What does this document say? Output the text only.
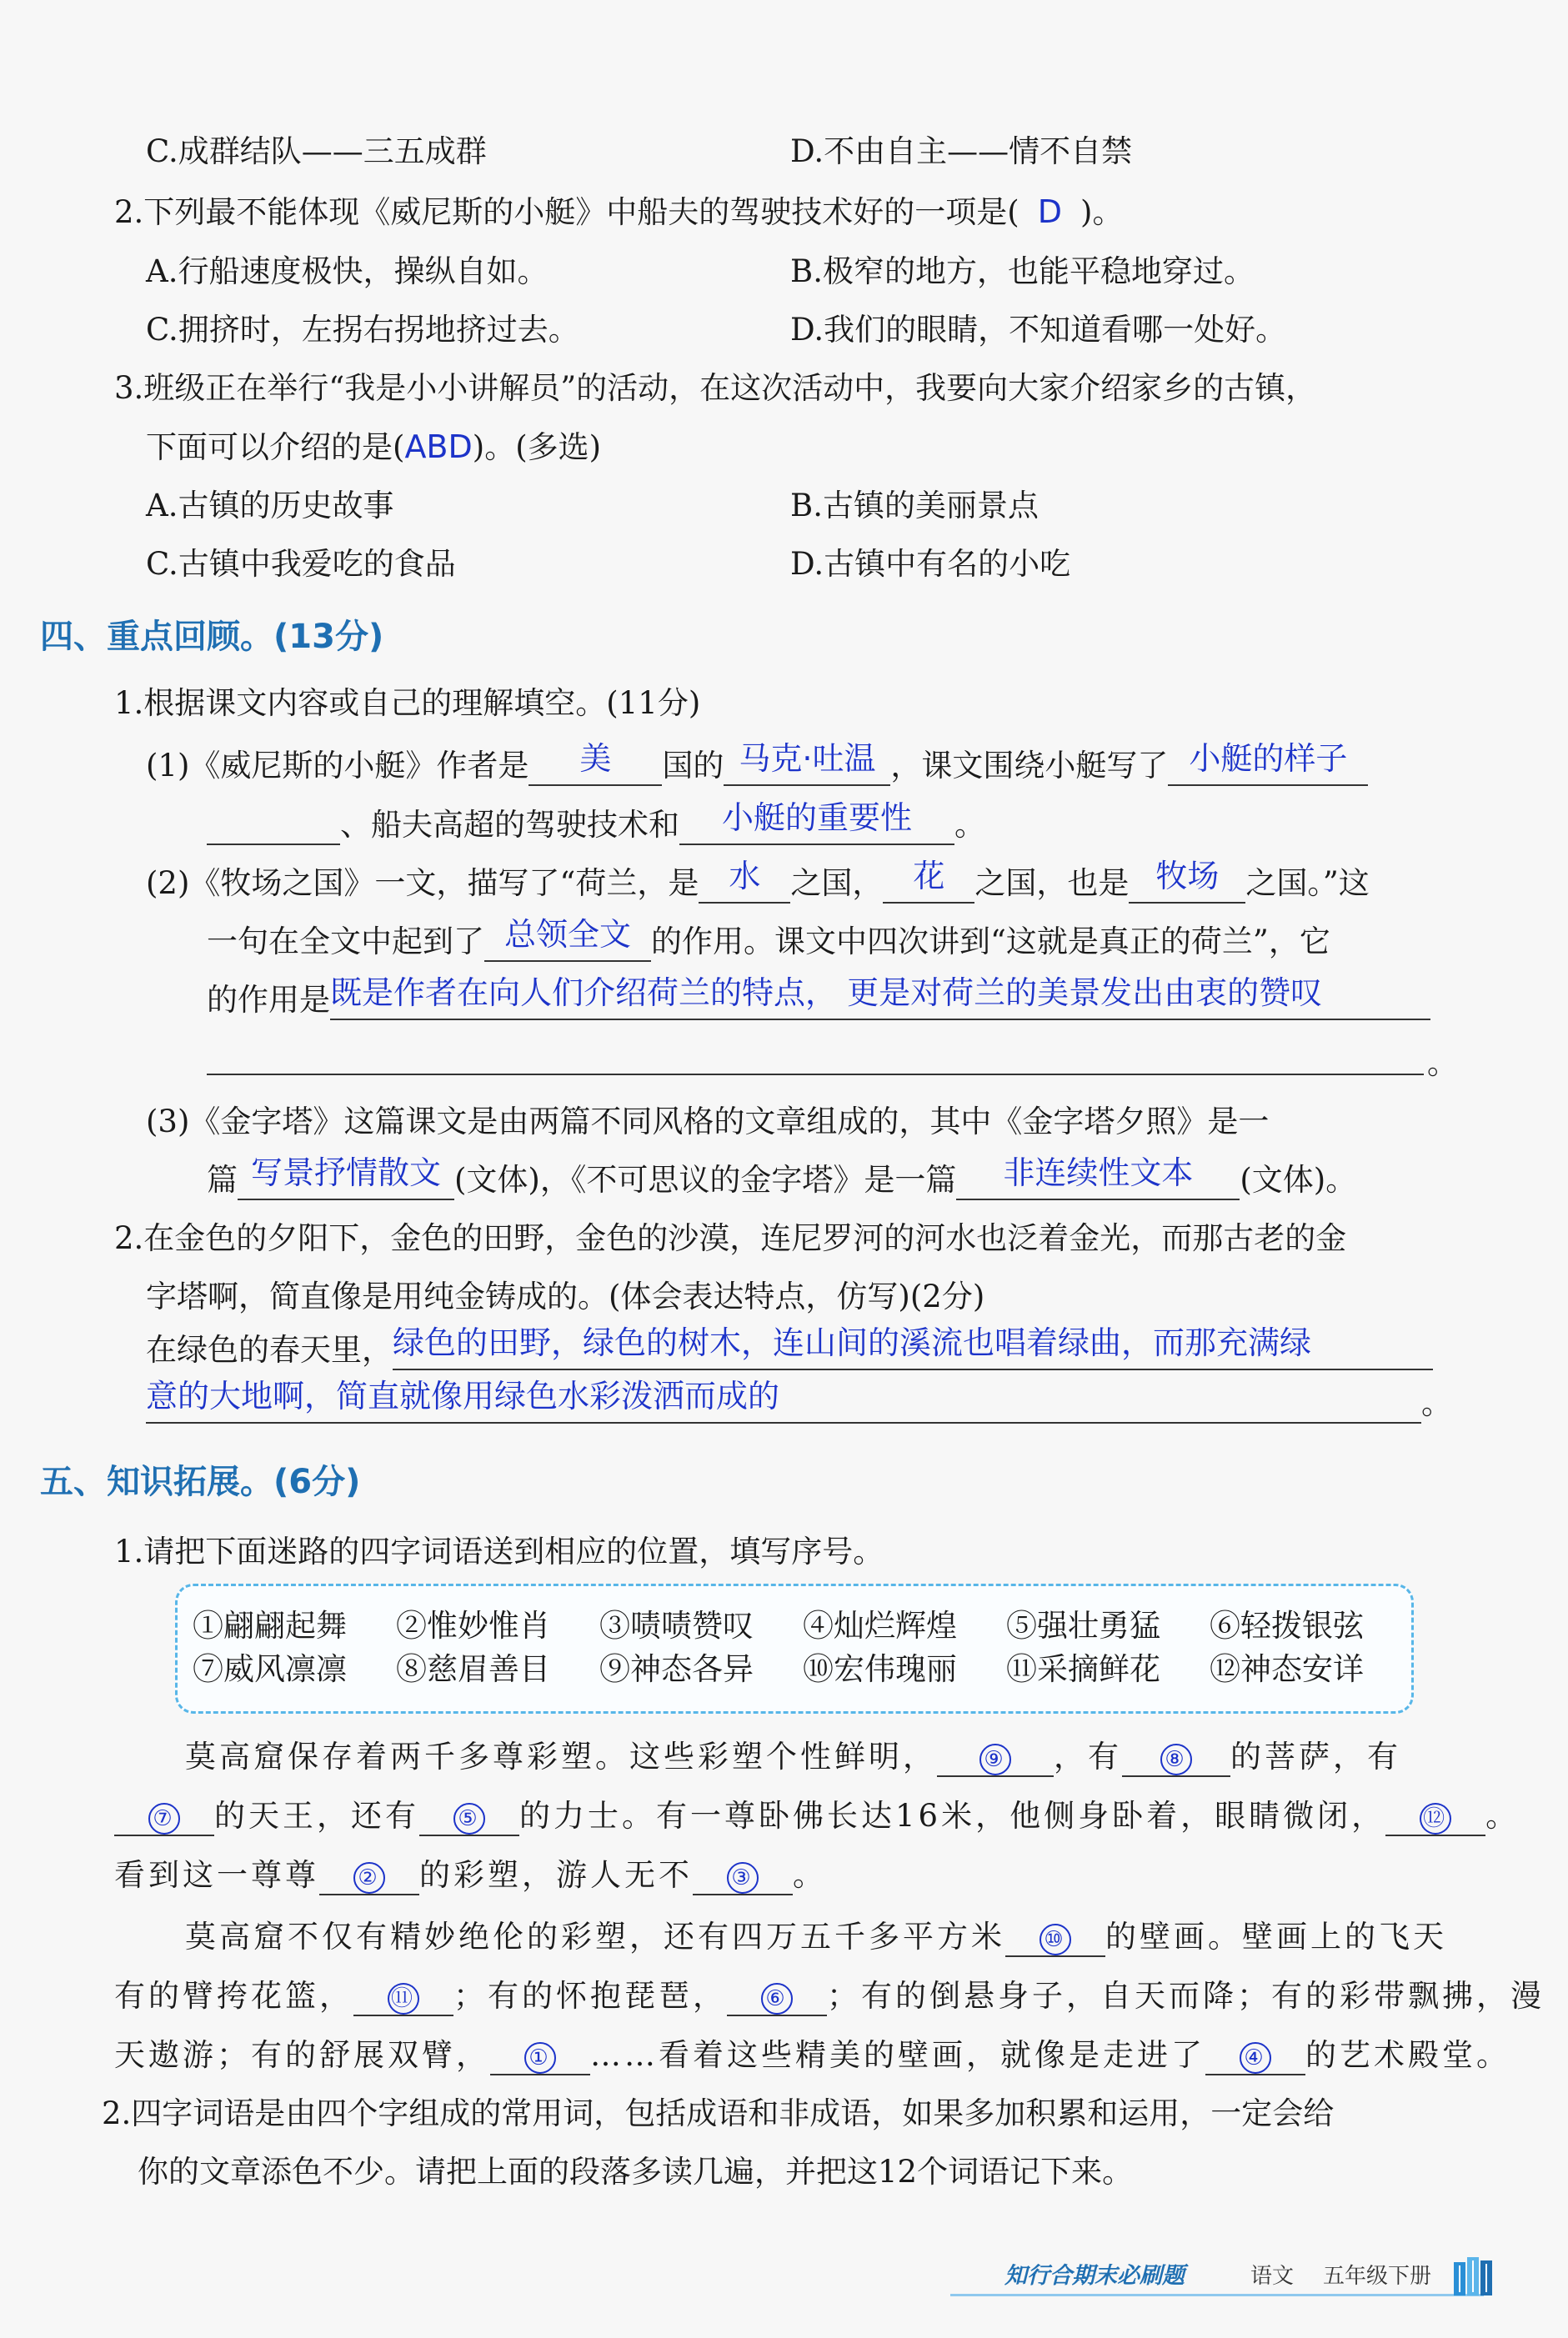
C.成群结队——三五成群	D.不由自主——情不自禁
2.下列最不能体现《威尼斯的小艇》中船夫的驾驶技术好的一项是( D )。
A.行船速度极快，操纵自如。	B.极窄的地方，也能平稳地穿过。
C.拥挤时，左拐右拐地挤过去。	D.我们的眼睛，不知道看哪一处好。
3.班级正在举行“我是小小讲解员”的活动，在这次活动中，我要向大家介绍家乡的古镇，
下面可以介绍的是(ABD)。(多选)
A.古镇的历史故事	B.古镇的美丽景点
C.古镇中我爱吃的食品	D.古镇中有名的小吃
四、重点回顾。(13分)
1.根据课文内容或自己的理解填空。(11分)
(1)《威尼斯的小艇》作者是 美 国的 马克·吐温 ，课文围绕小艇写了 小艇的样子
、船夫高超的驾驶技术和 小艇的重要性 。
(2)《牧场之国》一文，描写了“荷兰，是 水 之国， 花 之国，也是 牧场 之国。”这
一句在全文中起到了 总领全文 的作用。课文中四次讲到“这就是真正的荷兰”，它
的作用是既是作者在向人们介绍荷兰的特点， 更是对荷兰的美景发出由衷的赞叹
。
(3)《金字塔》这篇课文是由两篇不同风格的文章组成的，其中《金字塔夕照》是一
篇 写景抒情散文 (文体)，《不可思议的金字塔》是一篇 非连续性文本 (文体)。
2.在金色的夕阳下，金色的田野，金色的沙漠，连尼罗河的河水也泛着金光，而那古老的金
字塔啊，简直像是用纯金铸成的。(体会表达特点，仿写)(2分)
在绿色的春天里，绿色的田野，绿色的树木，连山间的溪流也唱着绿曲，而那充满绿
意的大地啊，简直就像用绿色水彩泼洒而成的	。
五、知识拓展。(6分)
1.请把下面迷路的四字词语送到相应的位置，填写序号。
①翩翩起舞 ②惟妙惟肖 ③啧啧赞叹 ④灿烂辉煌 ⑤强壮勇猛 ⑥轻拨银弦
⑦威风凛凛 ⑧慈眉善目 ⑨神态各异 ⑩宏伟瑰丽 ⑪采摘鲜花 ⑫神态安详
莫高窟保存着两千多尊彩塑。这些彩塑个性鲜明， ⑨ ，有 ⑧ 的菩萨，有
⑦ 的天王，还有 ⑤ 的力士。有一尊卧佛长达16米，他侧身卧着，眼睛微闭， ⑫ 。
看到这一尊尊 ② 的彩塑，游人无不 ③ 。
莫高窟不仅有精妙绝伦的彩塑，还有四万五千多平方米 ⑩ 的壁画。壁画上的飞天
有的臂挎花篮， ⑪ ；有的怀抱琵琶， ⑥ ；有的倒悬身子，自天而降；有的彩带飘拂，漫
天遨游；有的舒展双臂， ① ……看着这些精美的壁画，就像是走进了 ④ 的艺术殿堂。
2.四字词语是由四个字组成的常用词，包括成语和非成语，如果多加积累和运用，一定会给
你的文章添色不少。请把上面的段落多读几遍，并把这12个词语记下来。
知行合期末必刷题	语文 五年级下册
